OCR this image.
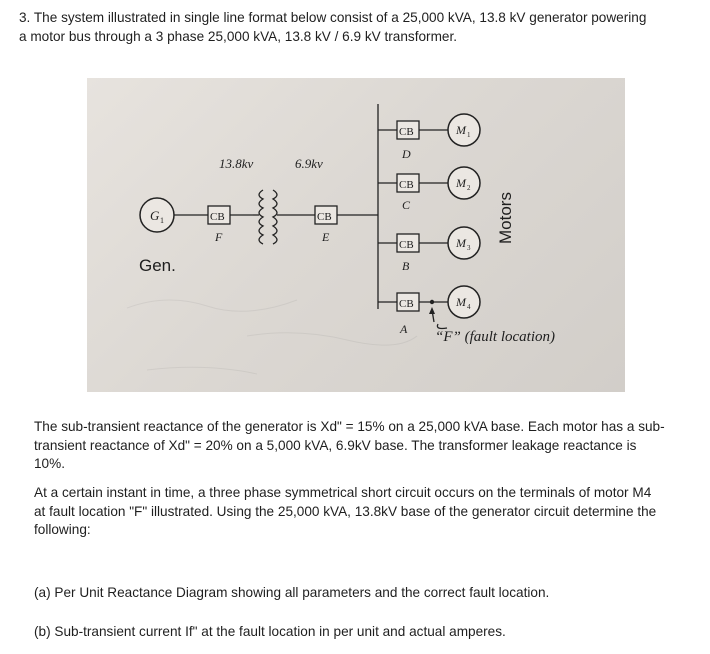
3. The system illustrated in single line format below consist of a 25,000 kVA, 13.8 kV generator powering
a motor bus through a 3 phase 25,000 kVA, 13.8 kV / 6.9 kV transformer.
G 1
Gen.
CB
F
13.8kv	6.9kv
CB
E
CB
D
M 1
CB
C
M 2
CB
B
M 3
CB
A
M 4
“F” (fault location)
Motors
The sub-transient reactance of the generator is Xd" = 15% on a 25,000 kVA base. Each motor has a sub-
transient reactance of Xd" = 20% on a 5,000 kVA, 6.9kV base. The transformer leakage reactance is
10%.
At a certain instant in time, a three phase symmetrical short circuit occurs on the terminals of motor M4
at fault location "F" illustrated. Using the 25,000 kVA, 13.8kV base of the generator circuit determine the
following:
(a) Per Unit Reactance Diagram showing all parameters and the correct fault location.
(b) Sub-transient current If" at the fault location in per unit and actual amperes.
